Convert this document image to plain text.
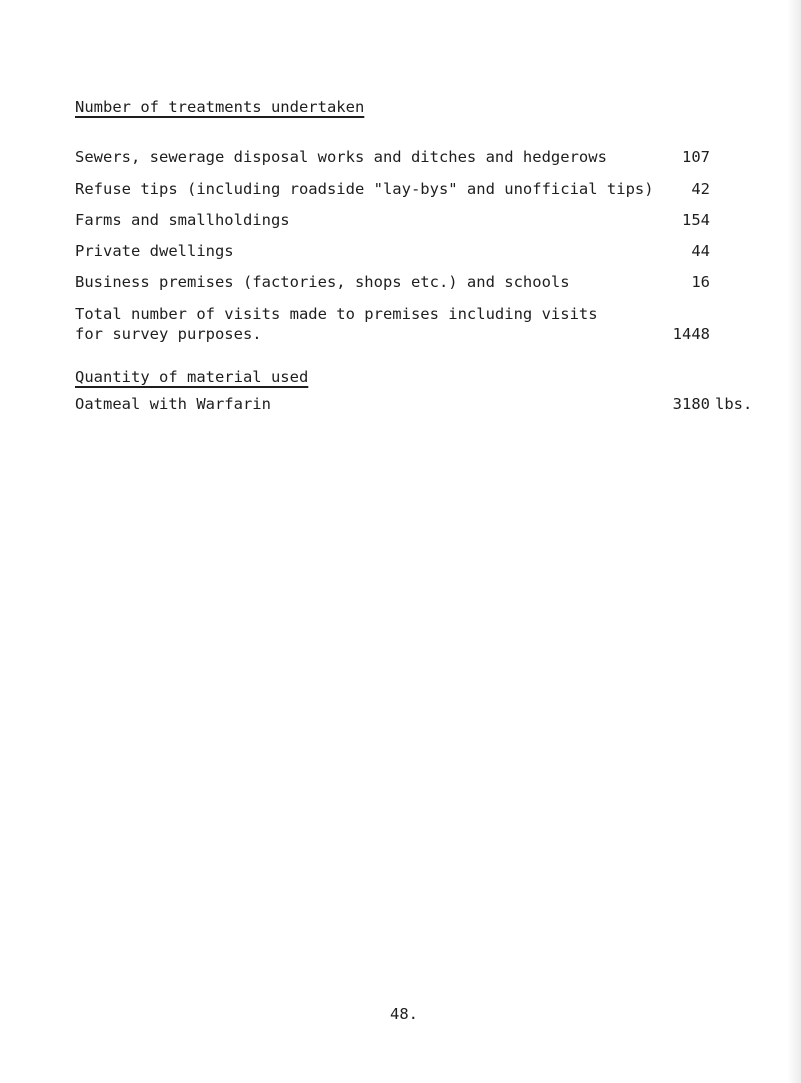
Number of treatments undertaken
Sewers, sewerage disposal works and ditches and hedgerows	107
Refuse tips (including roadside "lay-bys" and unofficial tips) 42
Farms and smallholdings	154
Private dwellings	44
Business premises (factories, shops etc.) and schools	16
Total number of visits made to premises including visits
for survey purposes.	1448
Quantity of material used
Oatmeal with Warfarin	3180 lbs.
48.
